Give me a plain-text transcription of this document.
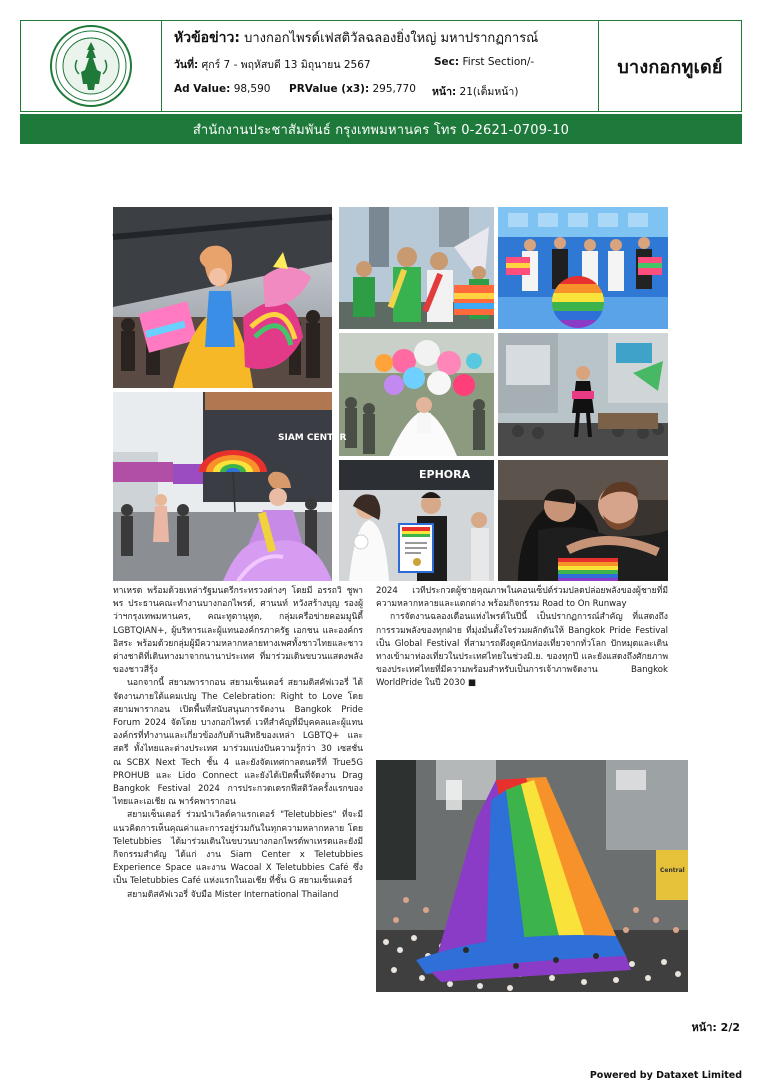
หัวข้อข่าว: บางกอกไพรด์เฟสติวัลฉลองยิ่งใหญ่ มหาปรากฏการณ์
วันที่: ศุกร์ 7 - พฤหัสบดี 13 มิถุนายน 2567	Sec: First Section/-
Ad Value: 98,590 PRValue (x3): 295,770 หน้า: 21(เต็มหน้า)
บางกอกทูเดย์
สำนักงานประชาสัมพันธ์ กรุงเทพมหานคร โทร 0-2621-0709-10
SIAM CENTER
EPHORA
Central

ทาเหรด พร้อมด้วยเหล่ารัฐมนตรีกระทรวงต่างๆ โดยมี อรรถวิ ชูพาพร ประธานคณะทำงานบางกอกไพรด์, ศานนท์ หวังสร้างบุญ รองผู้ว่าฯกรุงเทพมหานคร, คณะทูตานุทูต, กลุ่มเครือข่ายคอมมูนิตี้ LGBTQIAN+, ผู้บริหารและผู้แทนองค์กรภาครัฐ เอกชน และองค์กรอิสระ พร้อมด้วยกลุ่มผู้มีความหลากหลายทางเพศทั้งชาวไทยและชาวต่างชาติที่เดินทางมาจากนานาประเทศ ที่มาร่วมเดินขบวนแสดงพลังของชาวสีรุ้ง

นอกจากนี้ สยามพารากอน สยามเซ็นเตอร์ สยามดิสคัฟเวอรี่ ได้จัดงานภายใต้แคมเปญ The Celebration: Right to Love โดย สยามพารากอน เปิดพื้นที่สนับสนุนการจัดงาน Bangkok Pride Forum 2024 จัดโดย บางกอกไพรด์ เวทีสำคัญที่มีบุคคลและผู้แทนองค์กรที่ทำงานและเกี่ยวข้องกับด้านสิทธิของเหล่า LGBTQ+ และสตรี ทั้งไทยและต่างประเทศ มาร่วมแบ่งปันความรู้กว่า 30 เซสชั่น ณ SCBX Next Tech ชั้น 4 และยังจัดเทศกาลดนตรีที่ True5G PROHUB และ Lido Connect และยังได้เปิดพื้นที่จัดงาน Drag Bangkok Festival 2024 การประกวดเดรกฟีสติวัลครั้งแรกของไทยและเอเชีย ณ พาร์คพารากอน

สยามเซ็นเตอร์ ร่วมนำเวิลด์คาแรกเตอร์ "Teletubbies" ที่จะมีแนวคิดการเห็นคุณค่าและการอยู่ร่วมกันในทุกความหลากหลาย โดย Teletubbies ได้มาร่วมเดินในขบวนบางกอกไพรด์พาเหรดและยังมีกิจกรรมสำคัญ ได้แก่ งาน Siam Center x Teletubbies Experience Space และงาน Wacoal X Teletubbies Café ซึ่งเป็น Teletubbies Café แห่งแรกในเอเชีย ที่ชั้น G สยามเซ็นเตอร์

สยามดิสคัฟเวอรี่ จับมือ Mister International Thailand

2024 เวทีประกวดผู้ชายคุณภาพในคอนเซ็ปต์ร่วมปลดปล่อยพลังของผู้ชายที่มีความหลากหลายและแตกต่าง พร้อมกิจกรรม Road to On Runway

การจัดงานฉลองเดือนแห่งไพรด์ในปีนี้ เป็นปรากฏการณ์สำคัญ ที่แสดงถึงการรวมพลังของทุกฝ่าย ที่มุ่งมั่นตั้งใจร่วมผลักดันให้ Bangkok Pride Festival เป็น Global Festival ที่สามารถดึงดูดนักท่องเที่ยวจากทั่วโลก ปักหมุดและเดินทางเข้ามาท่องเที่ยวในประเทศไทยในช่วงมิ.ย. ของทุกปี และยังแสดงถึงศักยภาพของประเทศไทยที่มีความพร้อมสำหรับเป็นการเจ้าภาพจัดงาน Bangkok WorldPride ในปี 2030 ■

หน้า: 2/2
Powered by Dataxet Limited
